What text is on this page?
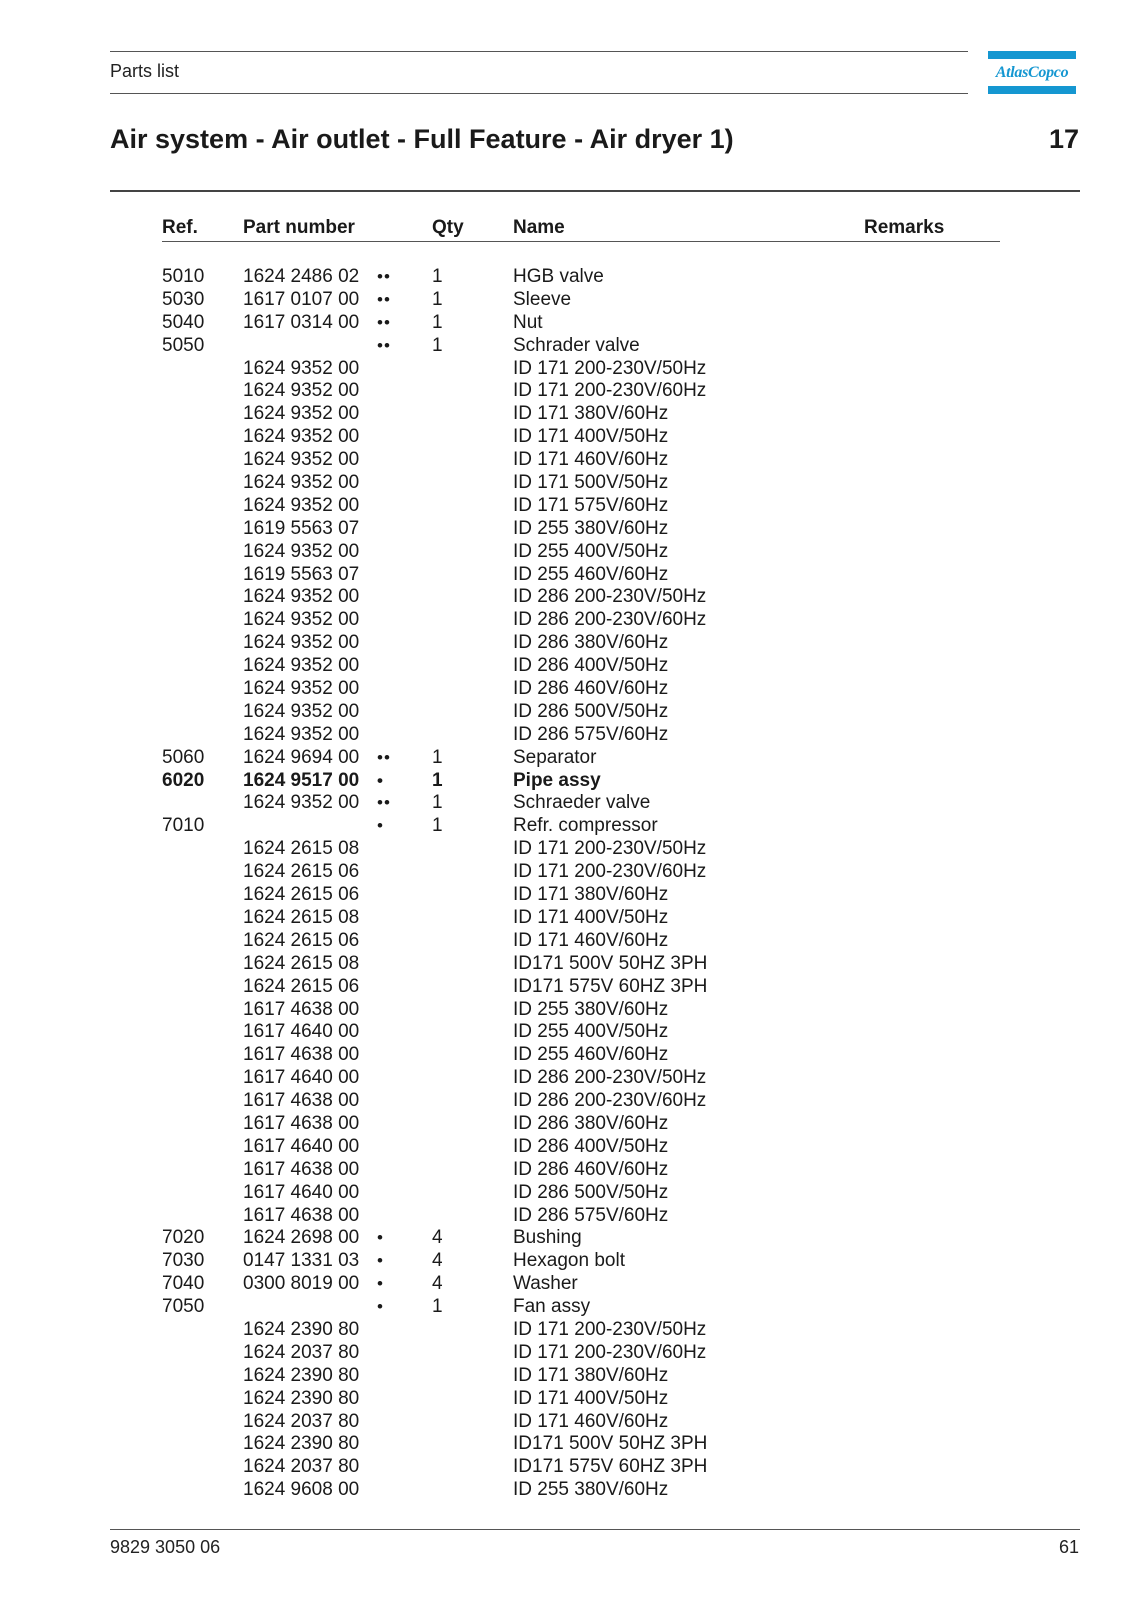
Parts list	AtlasCopco
Air system - Air outlet - Full Feature - Air dryer 1)	17
Ref. Part number	Qty	Name	Remarks
5010 1624 2486 02 •• 1	HGB valve
5030 1617 0107 00 •• 1	Sleeve
5040 1617 0314 00 •• 1	Nut
5050	•• 1	Schrader valve
1624 9352 00	ID 171 200-230V/50Hz
1624 9352 00	ID 171 200-230V/60Hz
1624 9352 00	ID 171 380V/60Hz
1624 9352 00	ID 171 400V/50Hz
1624 9352 00	ID 171 460V/60Hz
1624 9352 00	ID 171 500V/50Hz
1624 9352 00	ID 171 575V/60Hz
1619 5563 07	ID 255 380V/60Hz
1624 9352 00	ID 255 400V/50Hz
1619 5563 07	ID 255 460V/60Hz
1624 9352 00	ID 286 200-230V/50Hz
1624 9352 00	ID 286 200-230V/60Hz
1624 9352 00	ID 286 380V/60Hz
1624 9352 00	ID 286 400V/50Hz
1624 9352 00	ID 286 460V/60Hz
1624 9352 00	ID 286 500V/50Hz
1624 9352 00	ID 286 575V/60Hz
5060 1624 9694 00 •• 1	Separator
6020 1624 9517 00 •	1	Pipe assy
1624 9352 00 •• 1	Schraeder valve
7010	•	1	Refr. compressor
1624 2615 08	ID 171 200-230V/50Hz
1624 2615 06	ID 171 200-230V/60Hz
1624 2615 06	ID 171 380V/60Hz
1624 2615 08	ID 171 400V/50Hz
1624 2615 06	ID 171 460V/60Hz
1624 2615 08	ID171 500V 50HZ 3PH
1624 2615 06	ID171 575V 60HZ 3PH
1617 4638 00	ID 255 380V/60Hz
1617 4640 00	ID 255 400V/50Hz
1617 4638 00	ID 255 460V/60Hz
1617 4640 00	ID 286 200-230V/50Hz
1617 4638 00	ID 286 200-230V/60Hz
1617 4638 00	ID 286 380V/60Hz
1617 4640 00	ID 286 400V/50Hz
1617 4638 00	ID 286 460V/60Hz
1617 4640 00	ID 286 500V/50Hz
1617 4638 00	ID 286 575V/60Hz
7020 1624 2698 00 •	4	Bushing
7030 0147 1331 03 •	4	Hexagon bolt
7040 0300 8019 00 •	4	Washer
7050	•	1	Fan assy
1624 2390 80	ID 171 200-230V/50Hz
1624 2037 80	ID 171 200-230V/60Hz
1624 2390 80	ID 171 380V/60Hz
1624 2390 80	ID 171 400V/50Hz
1624 2037 80	ID 171 460V/60Hz
1624 2390 80	ID171 500V 50HZ 3PH
1624 2037 80	ID171 575V 60HZ 3PH
1624 9608 00	ID 255 380V/60Hz
9829 3050 06	61
